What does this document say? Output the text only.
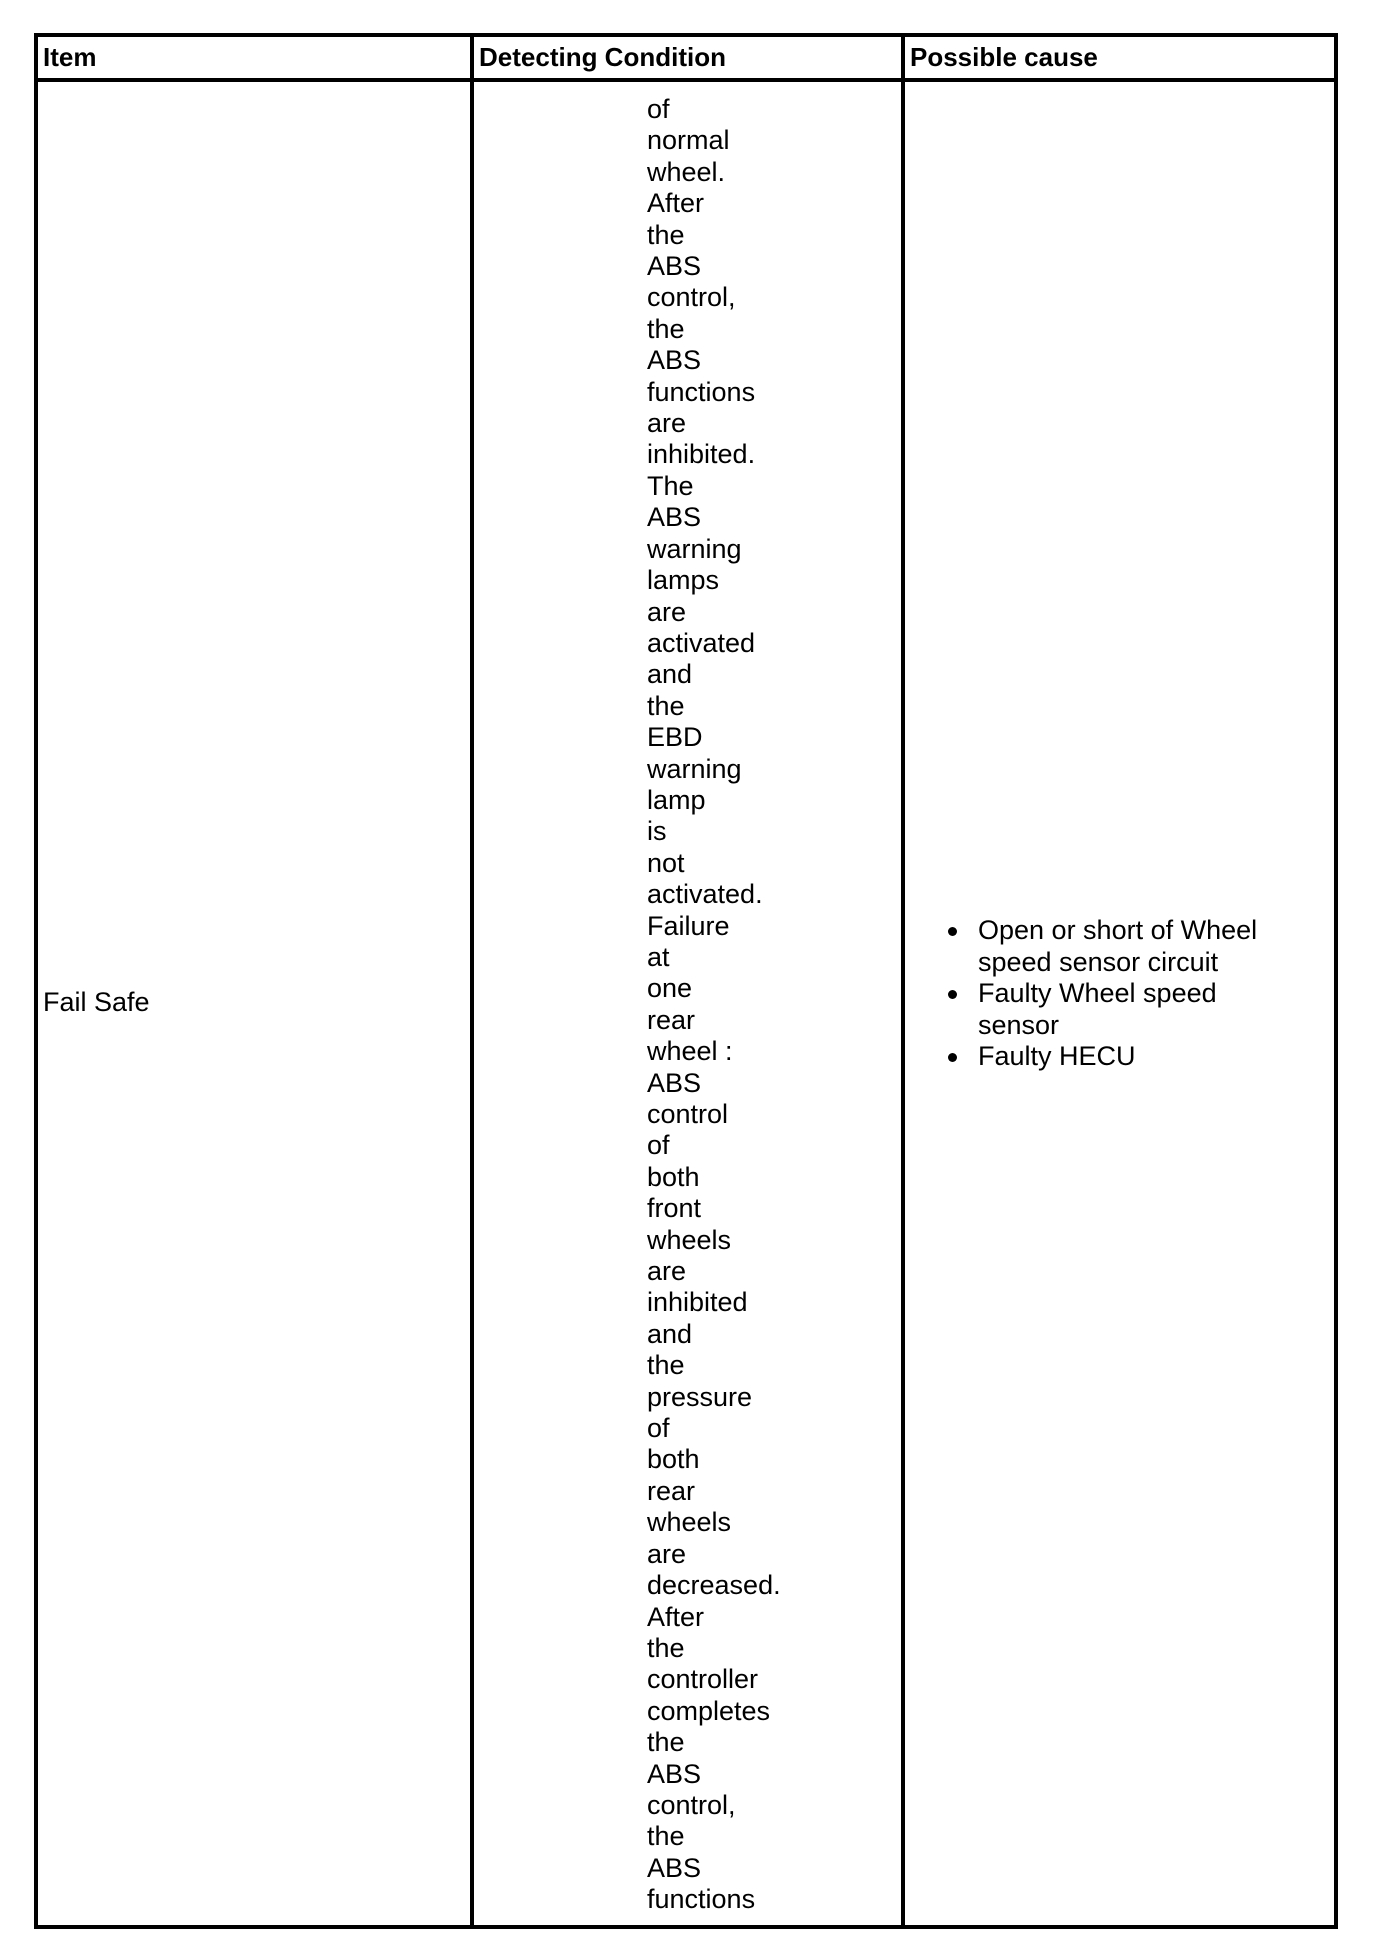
Item	Detecting Condition	Possible cause
Fail Safe
of
normal
wheel.
After
the
ABS
control,
the
ABS
functions
are
inhibited.
The
ABS
warning
lamps
are
activated
and
the
EBD
warning
lamp
is
not
activated.
Failure
at
one
rear
wheel :
ABS
control
of
both
front
wheels
are
inhibited
and
the
pressure
of
both
rear
wheels
are
decreased.
After
the
controller
completes
the
ABS
control,
the
ABS
functions
Open or short of Wheel speed sensor circuit
Faulty Wheel speed sensor
Faulty HECU
